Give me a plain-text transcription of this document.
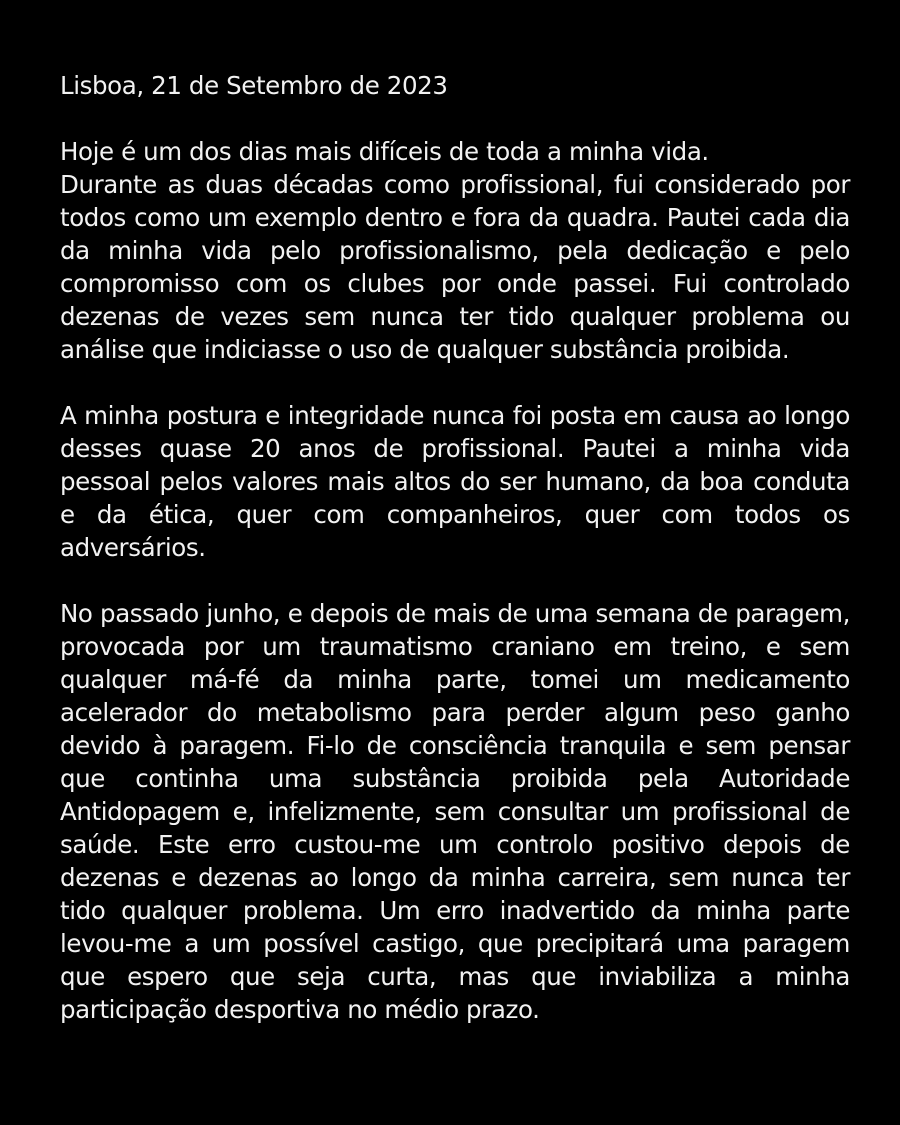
Lisboa, 21 de Setembro de 2023
Hoje é um dos dias mais difíceis de toda a minha vida.
Durante as duas décadas como profissional, fui considerado por
todos como um exemplo dentro e fora da quadra. Pautei cada dia
da minha vida pelo profissionalismo, pela dedicação e pelo
compromisso com os clubes por onde passei. Fui controlado
dezenas de vezes sem nunca ter tido qualquer problema ou
análise que indiciasse o uso de qualquer substância proibida.
A minha postura e integridade nunca foi posta em causa ao longo
desses quase 20 anos de profissional. Pautei a minha vida
pessoal pelos valores mais altos do ser humano, da boa conduta
e da ética, quer com companheiros, quer com todos os
adversários.
No passado junho, e depois de mais de uma semana de paragem,
provocada por um traumatismo craniano em treino, e sem
qualquer má-fé da minha parte, tomei um medicamento
acelerador do metabolismo para perder algum peso ganho
devido à paragem. Fi-lo de consciência tranquila e sem pensar
que continha uma substância proibida pela Autoridade
Antidopagem e, infelizmente, sem consultar um profissional de
saúde. Este erro custou-me um controlo positivo depois de
dezenas e dezenas ao longo da minha carreira, sem nunca ter
tido qualquer problema. Um erro inadvertido da minha parte
levou-me a um possível castigo, que precipitará uma paragem
que espero que seja curta, mas que inviabiliza a minha
participação desportiva no médio prazo.
